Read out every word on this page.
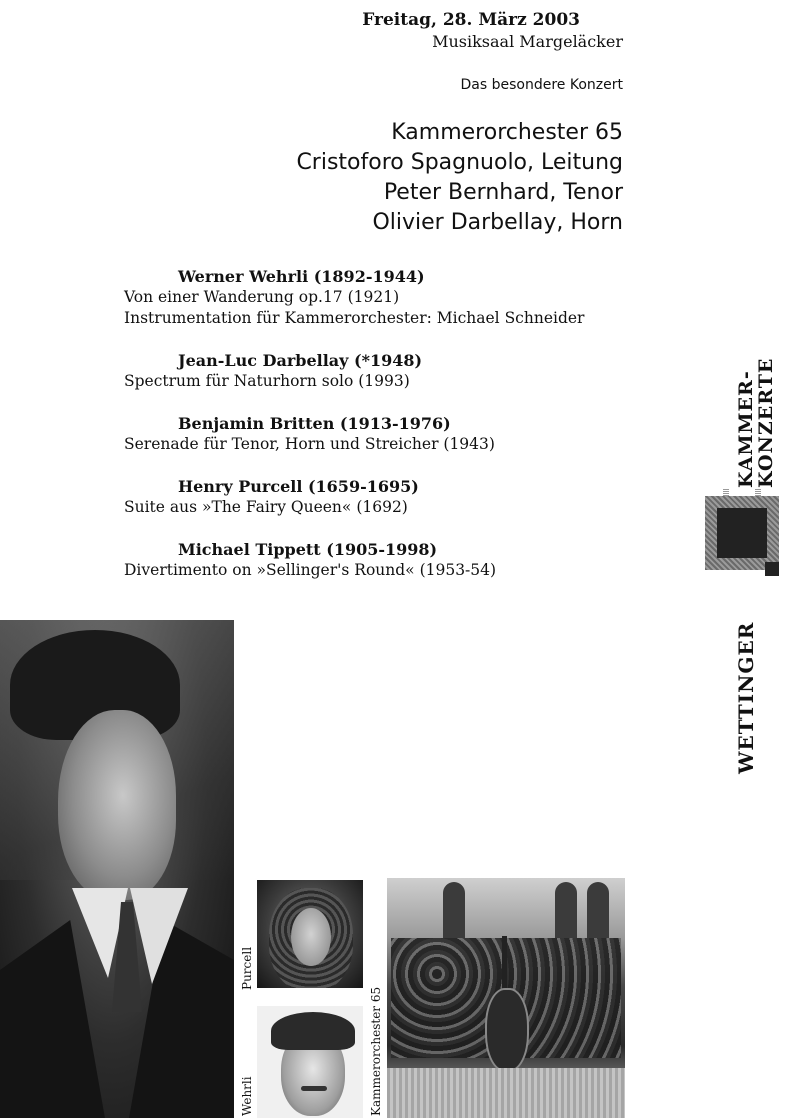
Freitag, 28. März 2003
Musiksaal Margeläcker
Das besondere Konzert
Kammerorchester 65
Cristoforo Spagnuolo, Leitung
Peter Bernhard, Tenor
Olivier Darbellay, Horn
Werner Wehrli (1892-1944)
Von einer Wanderung op.17 (1921)
Instrumentation für Kammerorchester: Michael Schneider
Jean-Luc Darbellay (*1948)
Spectrum für Naturhorn solo (1993)
Benjamin Britten (1913-1976)
Serenade für Tenor, Horn und Streicher (1943)
Henry Purcell (1659-1695)
Suite aus »The Fairy Queen« (1692)
Michael Tippett (1905-1998)
Divertimento on »Sellinger's Round« (1953-54)
KAMMER-
KONZERTE
WETTINGER
Purcell
Wehrli	Kammerorchester 65
